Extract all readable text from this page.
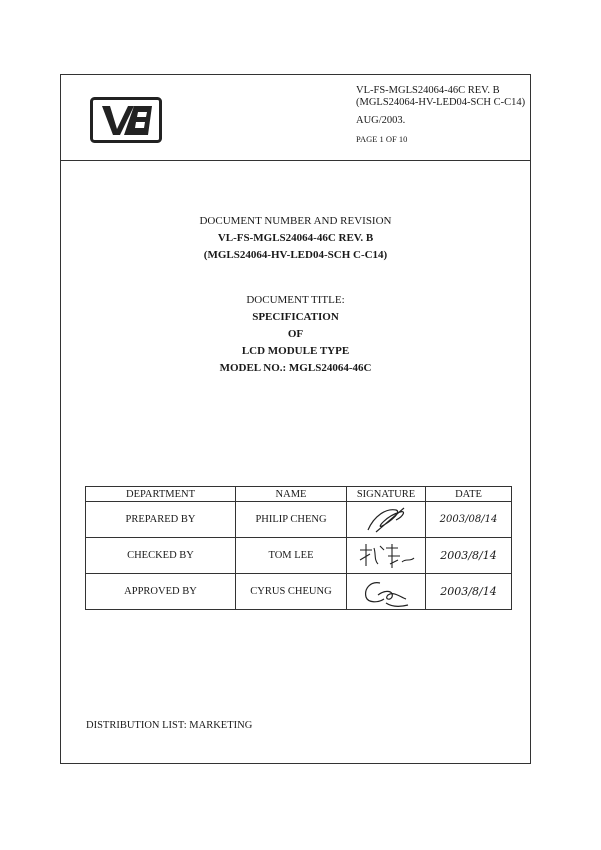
VL-FS-MGLS24064-46C REV. B
(MGLS24064-HV-LED04-SCH C-C14)
AUG/2003.
PAGE 1 OF 10
DOCUMENT NUMBER AND REVISION
VL-FS-MGLS24064-46C REV. B
(MGLS24064-HV-LED04-SCH C-C14)
DOCUMENT TITLE:
SPECIFICATION
OF
LCD MODULE TYPE
MODEL NO.: MGLS24064-46C
DEPARTMENT	NAME	SIGNATURE	DATE
PREPARED BY	PHILIP CHENG		2003/08/14
CHECKED BY	TOM LEE		2003/8/14
APPROVED BY	CYRUS CHEUNG		2003/8/14
DISTRIBUTION LIST: MARKETING
